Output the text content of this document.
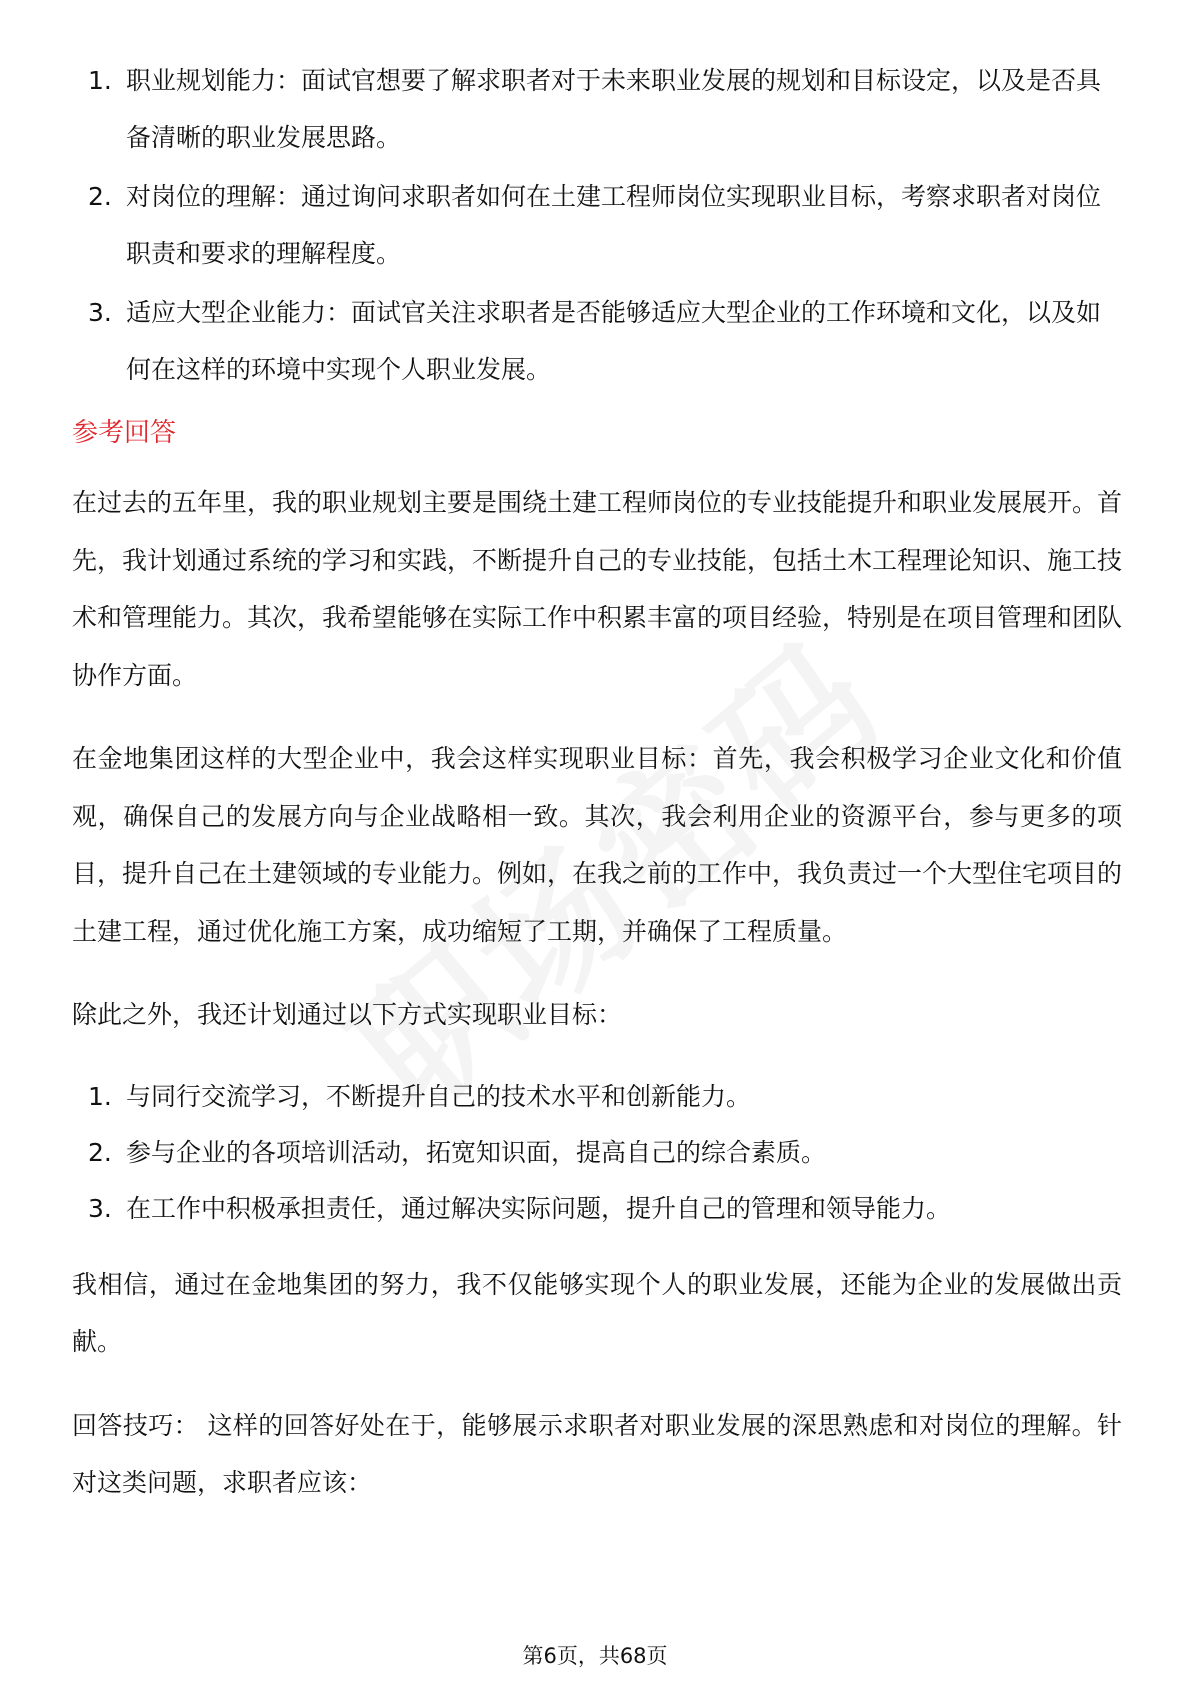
1. 职业规划能力：面试官想要了解求职者对于未来职业发展的规划和目标设定，以及是否具备清晰的职业发展思路。
2. 对岗位的理解：通过询问求职者如何在土建工程师岗位实现职业目标，考察求职者对岗位职责和要求的理解程度。
3. 适应大型企业能力：面试官关注求职者是否能够适应大型企业的工作环境和文化，以及如何在这样的环境中实现个人职业发展。
参考回答

在过去的五年里，我的职业规划主要是围绕土建工程师岗位的专业技能提升和职业发展展开。首先，我计划通过系统的学习和实践，不断提升自己的专业技能，包括土木工程理论知识、施工技术和管理能力。其次，我希望能够在实际工作中积累丰富的项目经验，特别是在项目管理和团队协作方面。

在金地集团这样的大型企业中，我会这样实现职业目标：首先，我会积极学习企业文化和价值观，确保自己的发展方向与企业战略相一致。其次，我会利用企业的资源平台，参与更多的项目，提升自己在土建领域的专业能力。例如，在我之前的工作中，我负责过一个大型住宅项目的土建工程，通过优化施工方案，成功缩短了工期，并确保了工程质量。

除此之外，我还计划通过以下方式实现职业目标：

1. 与同行交流学习，不断提升自己的技术水平和创新能力。
2. 参与企业的各项培训活动，拓宽知识面，提高自己的综合素质。
3. 在工作中积极承担责任，通过解决实际问题，提升自己的管理和领导能力。

我相信，通过在金地集团的努力，我不仅能够实现个人的职业发展，还能为企业的发展做出贡献。

回答技巧： 这样的回答好处在于，能够展示求职者对职业发展的深思熟虑和对岗位的理解。针对这类问题，求职者应该：

第6页，共68页
